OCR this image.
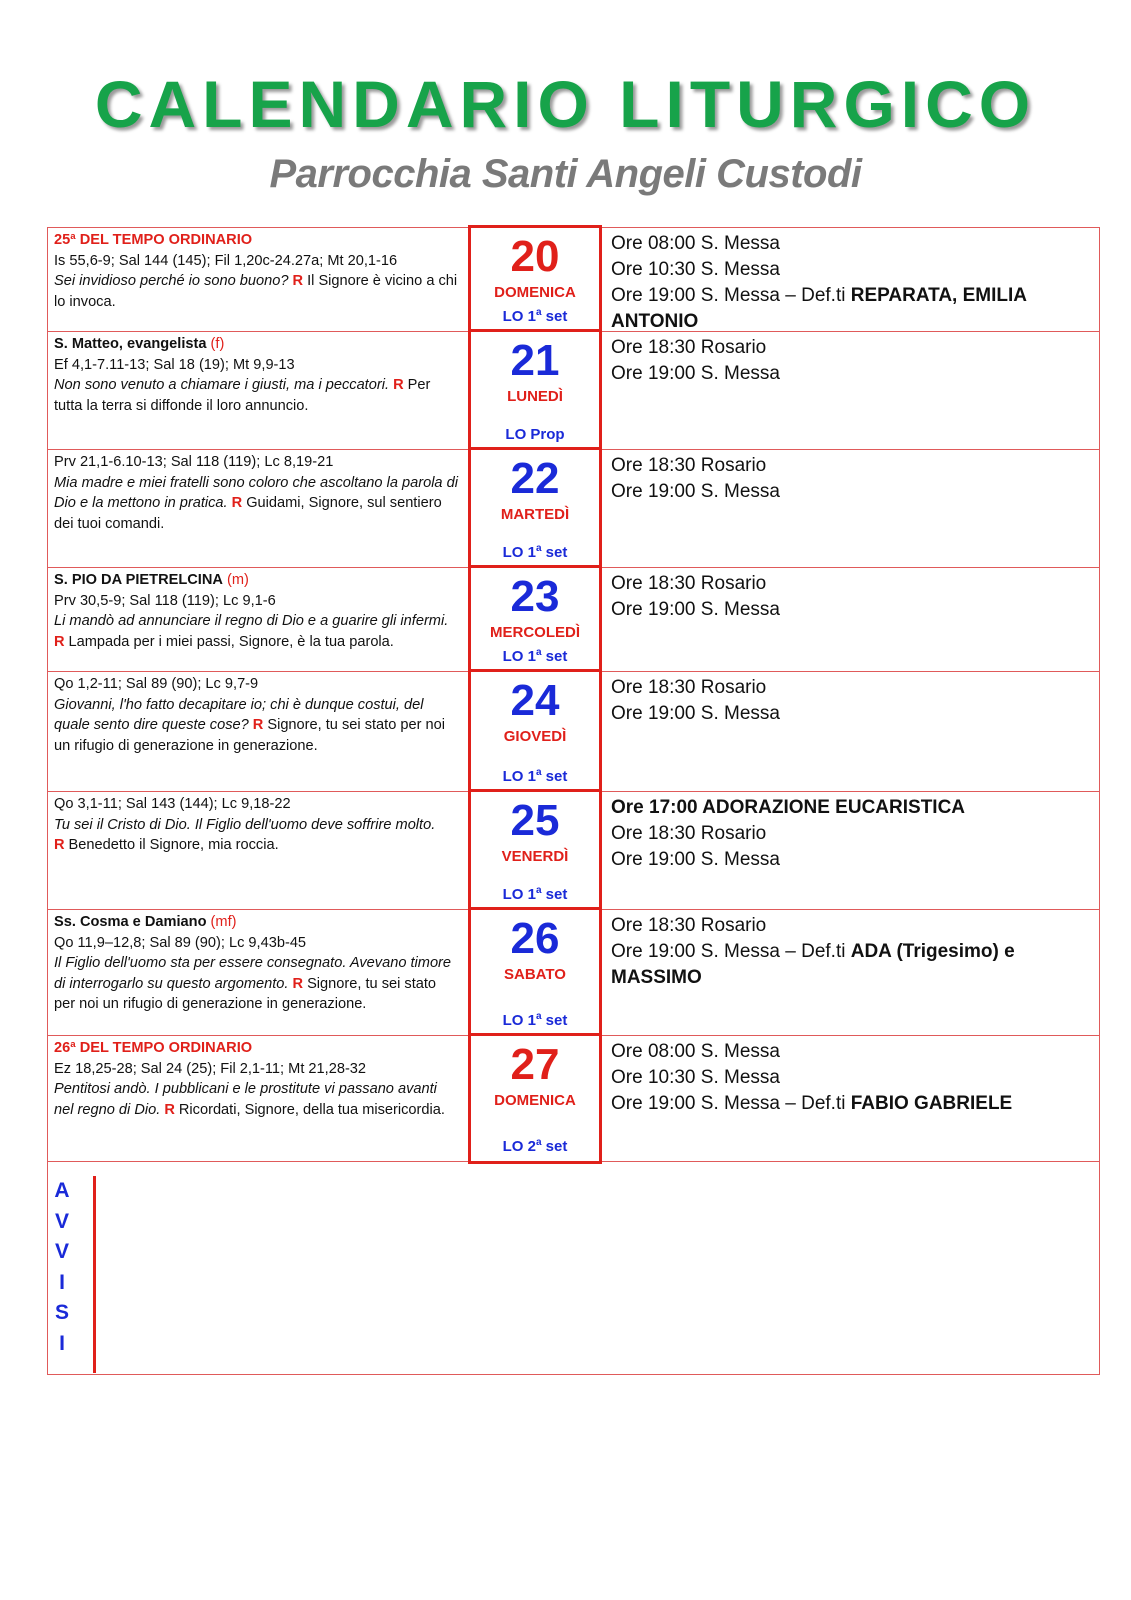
CALENDARIO LITURGICO
Parrocchia Santi Angeli Custodi
25ª DEL TEMPO ORDINARIO
Is 55,6-9; Sal 144 (145); Fil 1,20c-24.27a; Mt 20,1-16
Sei invidioso perché io sono buono? R Il Signore è vicino a chi lo invoca.
20
DOMENICA
LO 1$^a$ set
Ore 08:00 S. Messa
Ore 10:30 S. Messa
Ore 19:00 S. Messa – Def.ti REPARATA, EMILIA ANTONIO
S. Matteo, evangelista (f)
Ef 4,1-7.11-13; Sal 18 (19); Mt 9,9-13
Non sono venuto a chiamare i giusti, ma i peccatori. R Per tutta la terra si diffonde il loro annuncio.
21
LUNEDÌ
LO Prop
Ore 18:30 Rosario
Ore 19:00 S. Messa
Prv 21,1-6.10-13; Sal 118 (119); Lc 8,19-21
Mia madre e miei fratelli sono coloro che ascoltano la parola di Dio e la mettono in pratica. R Guidami, Signore, sul sentiero dei tuoi comandi.
22
MARTEDÌ
LO 1$^a$ set
Ore 18:30 Rosario
Ore 19:00 S. Messa
S. PIO DA PIETRELCINA (m)
Prv 30,5-9; Sal 118 (119); Lc 9,1-6
Li mandò ad annunciare il regno di Dio e a guarire gli infermi. R Lampada per i miei passi, Signore, è la tua parola.
23
MERCOLEDÌ
LO 1$^a$ set
Ore 18:30 Rosario
Ore 19:00 S. Messa
Qo 1,2-11; Sal 89 (90); Lc 9,7-9
Giovanni, l'ho fatto decapitare io; chi è dunque costui, del quale sento dire queste cose? R Signore, tu sei stato per noi un rifugio di generazione in generazione.
24
GIOVEDÌ
LO 1$^a$ set
Ore 18:30 Rosario
Ore 19:00 S. Messa
Qo 3,1-11; Sal 143 (144); Lc 9,18-22
Tu sei il Cristo di Dio. Il Figlio dell'uomo deve soffrire molto. R Benedetto il Signore, mia roccia.	25
VENERDÌ
LO 1$^a$ set
Ore 17:00 ADORAZIONE EUCARISTICA
Ore 18:30 Rosario
Ore 19:00 S. Messa
Ss. Cosma e Damiano (mf)
Qo 11,9–12,8; Sal 89 (90); Lc 9,43b-45
Il Figlio dell'uomo sta per essere consegnato. Avevano timore di interrogarlo su questo argomento. R Signore, tu sei stato per noi un rifugio di generazione in generazione.
26
SABATO
LO 1$^a$ set
Ore 18:30 Rosario
Ore 19:00 S. Messa – Def.ti ADA (Trigesimo) e MASSIMO
26ª DEL TEMPO ORDINARIO
Ez 18,25-28; Sal 24 (25); Fil 2,1-11; Mt 21,28-32
Pentitosi andò. I pubblicani e le prostitute vi passano avanti nel regno di Dio. R Ricordati, Signore, della tua misericordia.
27
DOMENICA
LO 2$^a$ set
Ore 08:00 S. Messa
Ore 10:30 S. Messa
Ore 19:00 S. Messa – Def.ti FABIO GABRIELE
A
V
V
I
S
I
